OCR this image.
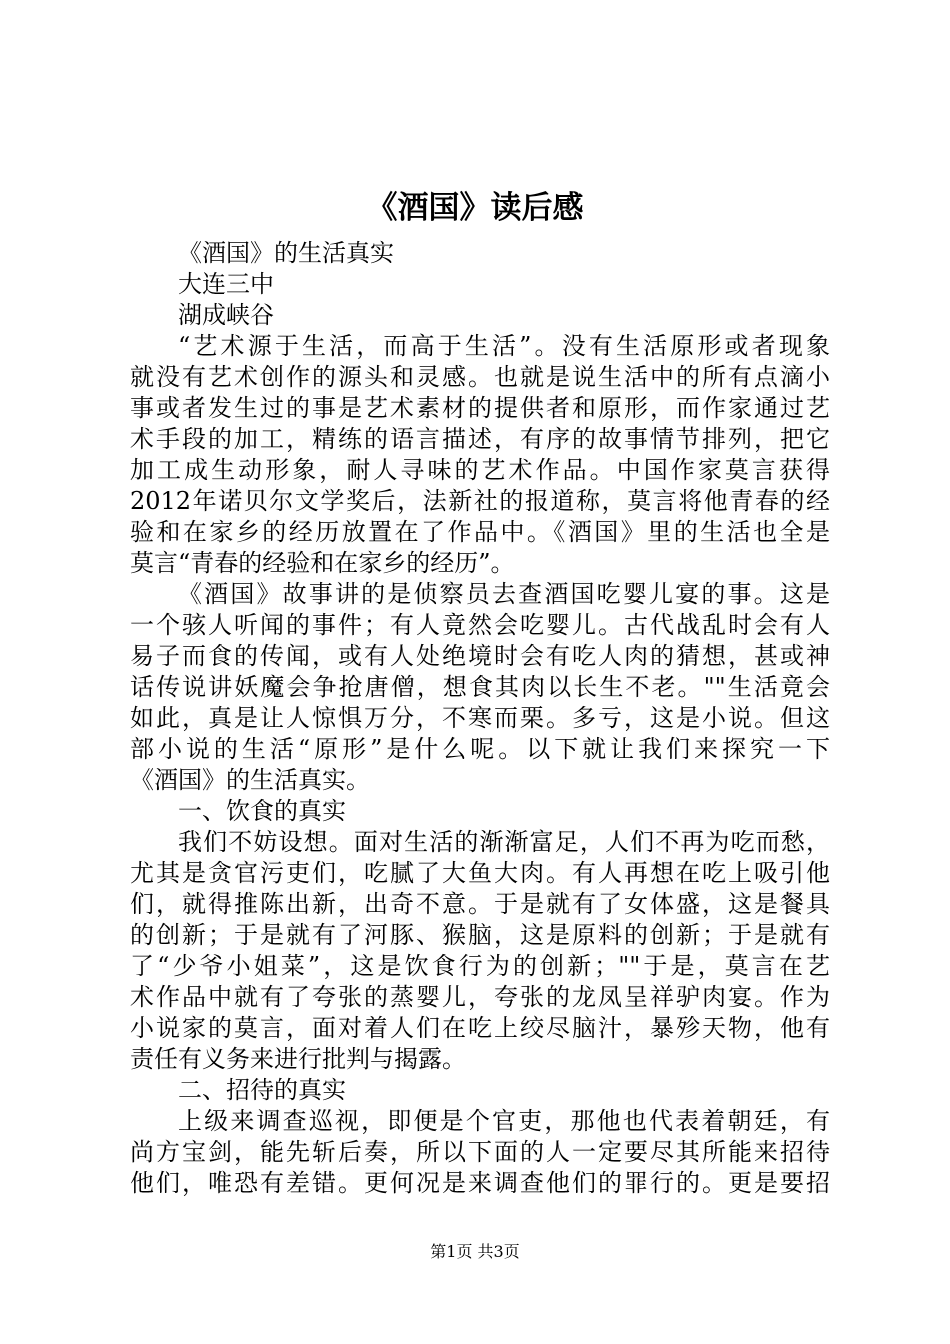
《酒国》读后感
《酒国》的生活真实
大连三中
湖成峡谷
“艺术源于生活，而高于生活”。没有生活原形或者现象
就没有艺术创作的源头和灵感。也就是说生活中的所有点滴小
事或者发生过的事是艺术素材的提供者和原形，而作家通过艺
术手段的加工，精练的语言描述，有序的故事情节排列，把它
加工成生动形象，耐人寻味的艺术作品。中国作家莫言获得
2012年诺贝尔文学奖后，法新社的报道称，莫言将他青春的经
验和在家乡的经历放置在了作品中。《酒国》里的生活也全是
莫言“青春的经验和在家乡的经历”。
《酒国》故事讲的是侦察员去查酒国吃婴儿宴的事。这是
一个骇人听闻的事件；有人竟然会吃婴儿。古代战乱时会有人
易子而食的传闻，或有人处绝境时会有吃人肉的猜想，甚或神
话传说讲妖魔会争抢唐僧，想食其肉以长生不老。""生活竟会
如此，真是让人惊惧万分，不寒而栗。多亏，这是小说。但这
部小说的生活“原形”是什么呢。以下就让我们来探究一下
《酒国》的生活真实。
一、饮食的真实
我们不妨设想。面对生活的渐渐富足，人们不再为吃而愁，
尤其是贪官污吏们，吃腻了大鱼大肉。有人再想在吃上吸引他
们，就得推陈出新，出奇不意。于是就有了女体盛，这是餐具
的创新；于是就有了河豚、猴脑，这是原料的创新；于是就有
了“少爷小姐菜”，这是饮食行为的创新；""于是，莫言在艺
术作品中就有了夸张的蒸婴儿，夸张的龙凤呈祥驴肉宴。作为
小说家的莫言，面对着人们在吃上绞尽脑汁，暴殄天物，他有
责任有义务来进行批判与揭露。
二、招待的真实
上级来调查巡视，即便是个官吏，那他也代表着朝廷，有
尚方宝剑，能先斩后奏，所以下面的人一定要尽其所能来招待
他们，唯恐有差错。更何况是来调查他们的罪行的。更是要招
第1页 共3页
